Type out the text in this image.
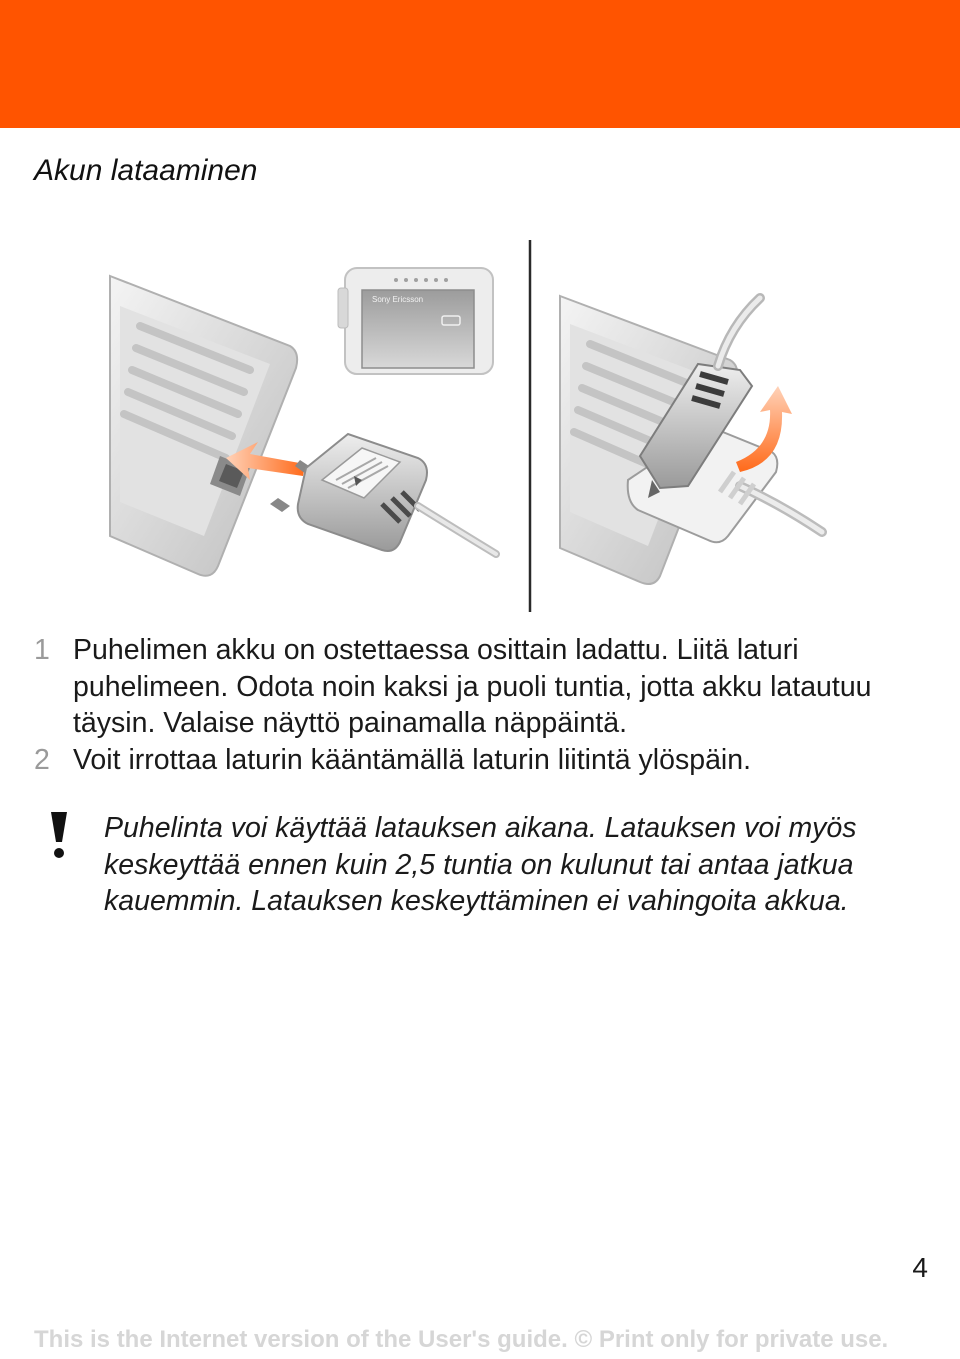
Akun lataaminen
Sony Ericsson
1 Puhelimen akku on ostettaessa osittain ladattu. Liitä laturi puhelimeen. Odota noin kaksi ja puoli tuntia, jotta akku latautuu täysin. Valaise näyttö painamalla näppäintä.
2 Voit irrottaa laturin kääntämällä laturin liitintä ylöspäin.
Puhelinta voi käyttää latauksen aikana. Latauksen voi myös keskeyttää ennen kuin 2,5 tuntia on kulunut tai antaa jatkua kauemmin. Latauksen keskeyttäminen ei vahingoita akkua.
4
This is the Internet version of the User's guide. © Print only for private use.
